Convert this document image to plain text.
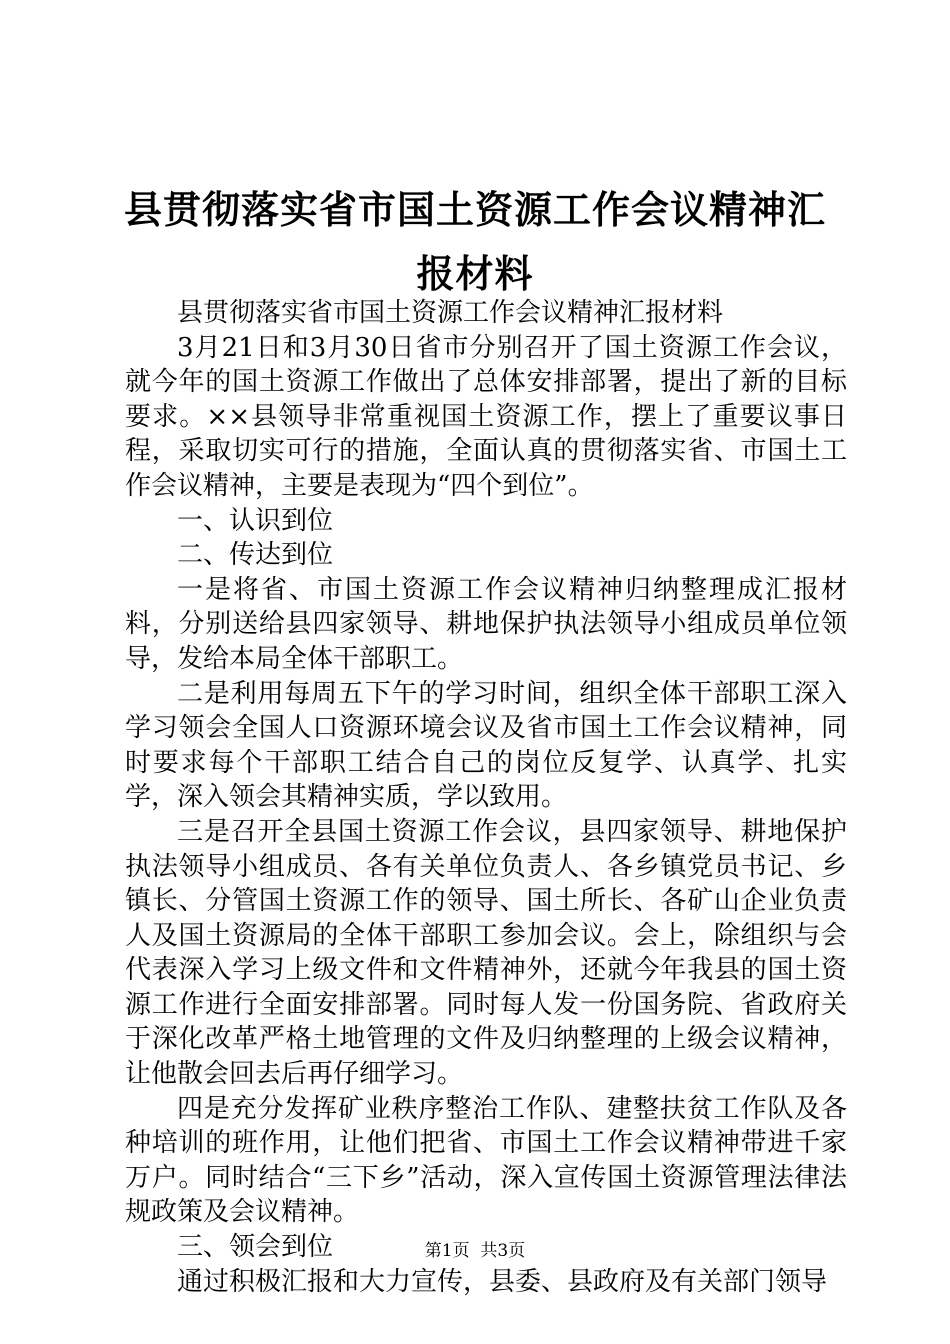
县贯彻落实省市国土资源工作会议精神汇报材料

县贯彻落实省市国土资源工作会议精神汇报材料

3月21日和3月30日省市分别召开了国土资源工作会议，就今年的国土资源工作做出了总体安排部署，提出了新的目标要求。××县领导非常重视国土资源工作，摆上了重要议事日程，采取切实可行的措施，全面认真的贯彻落实省、市国土工作会议精神，主要是表现为“四个到位”。

一、认识到位

二、传达到位

一是将省、市国土资源工作会议精神归纳整理成汇报材料，分别送给县四家领导、耕地保护执法领导小组成员单位领导，发给本局全体干部职工。

二是利用每周五下午的学习时间，组织全体干部职工深入学习领会全国人口资源环境会议及省市国土工作会议精神，同时要求每个干部职工结合自己的岗位反复学、认真学、扎实学，深入领会其精神实质，学以致用。

三是召开全县国土资源工作会议，县四家领导、耕地保护执法领导小组成员、各有关单位负责人、各乡镇党员书记、乡镇长、分管国土资源工作的领导、国土所长、各矿山企业负责人及国土资源局的全体干部职工参加会议。会上，除组织与会代表深入学习上级文件和文件精神外，还就今年我县的国土资源工作进行全面安排部署。同时每人发一份国务院、省政府关于深化改革严格土地管理的文件及归纳整理的上级会议精神，让他散会回去后再仔细学习。

四是充分发挥矿业秩序整治工作队、建整扶贫工作队及各种培训的班作用，让他们把省、市国土工作会议精神带进千家万户。同时结合“三下乡”活动，深入宣传国土资源管理法律法规政策及会议精神。

三、领会到位

通过积极汇报和大力宣传，县委、县政府及有关部门领导

第1页 共3页
